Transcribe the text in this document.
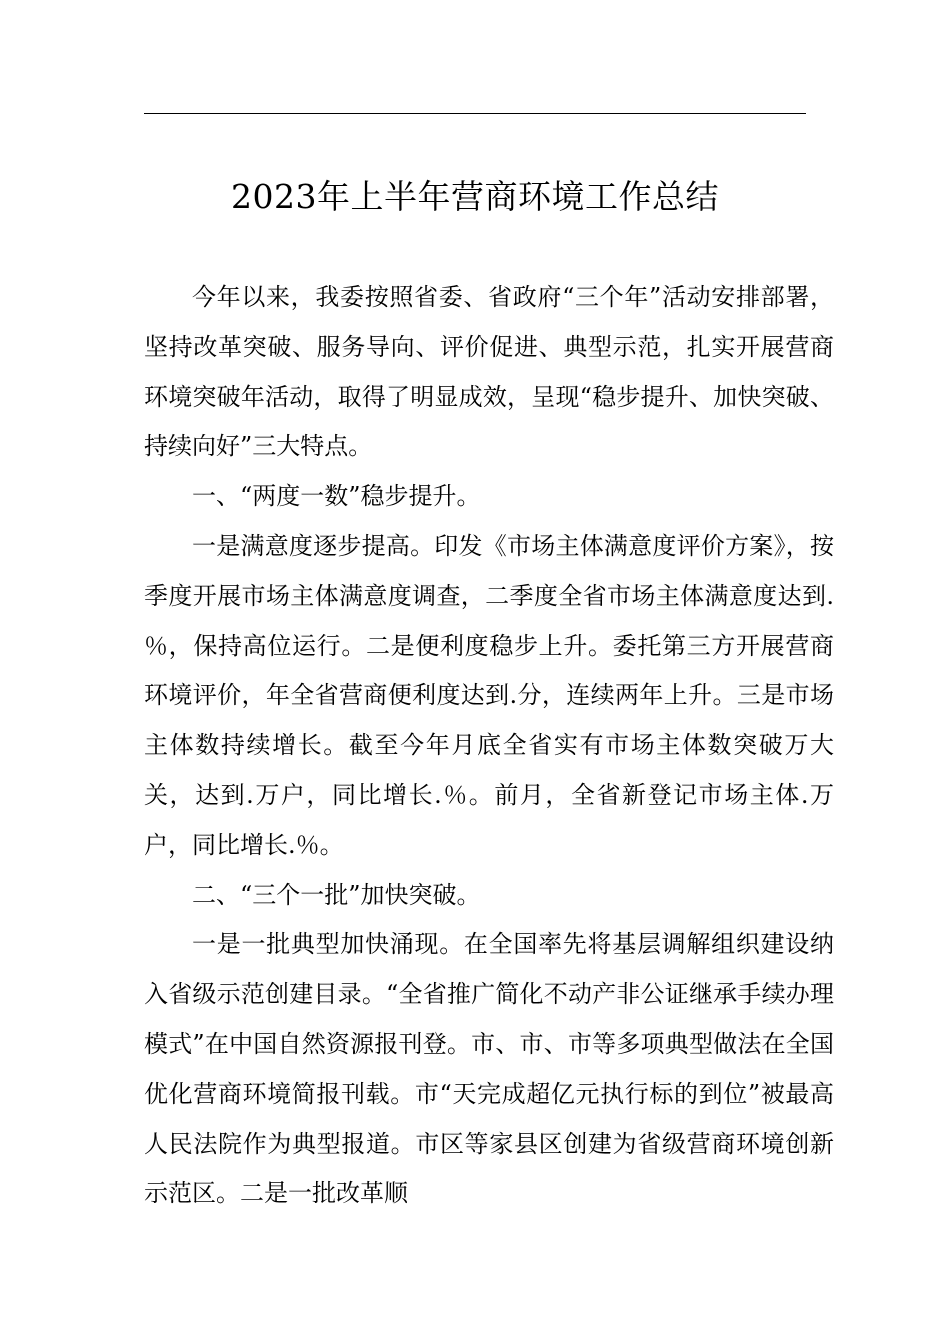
2023年上半年营商环境工作总结

今年以来，我委按照省委、省政府“三个年”活动安排部署，坚持改革突破、服务导向、评价促进、典型示范，扎实开展营商环境突破年活动，取得了明显成效，呈现“稳步提升、加快突破、持续向好”三大特点。

一、“两度一数”稳步提升。

一是满意度逐步提高。印发《市场主体满意度评价方案》，按季度开展市场主体满意度调查，二季度全省市场主体满意度达到.％，保持高位运行。二是便利度稳步上升。委托第三方开展营商环境评价，年全省营商便利度达到.分，连续两年上升。三是市场主体数持续增长。截至今年月底全省实有市场主体数突破万大关，达到.万户，同比增长.％。前月，全省新登记市场主体.万户，同比增长.％。

二、“三个一批”加快突破。

一是一批典型加快涌现。在全国率先将基层调解组织建设纳入省级示范创建目录。“全省推广简化不动产非公证继承手续办理模式”在中国自然资源报刊登。市、市、市等多项典型做法在全国优化营商环境简报刊载。市“天完成超亿元执行标的到位”被最高人民法院作为典型报道。市区等家县区创建为省级营商环境创新示范区。二是一批改革顺
